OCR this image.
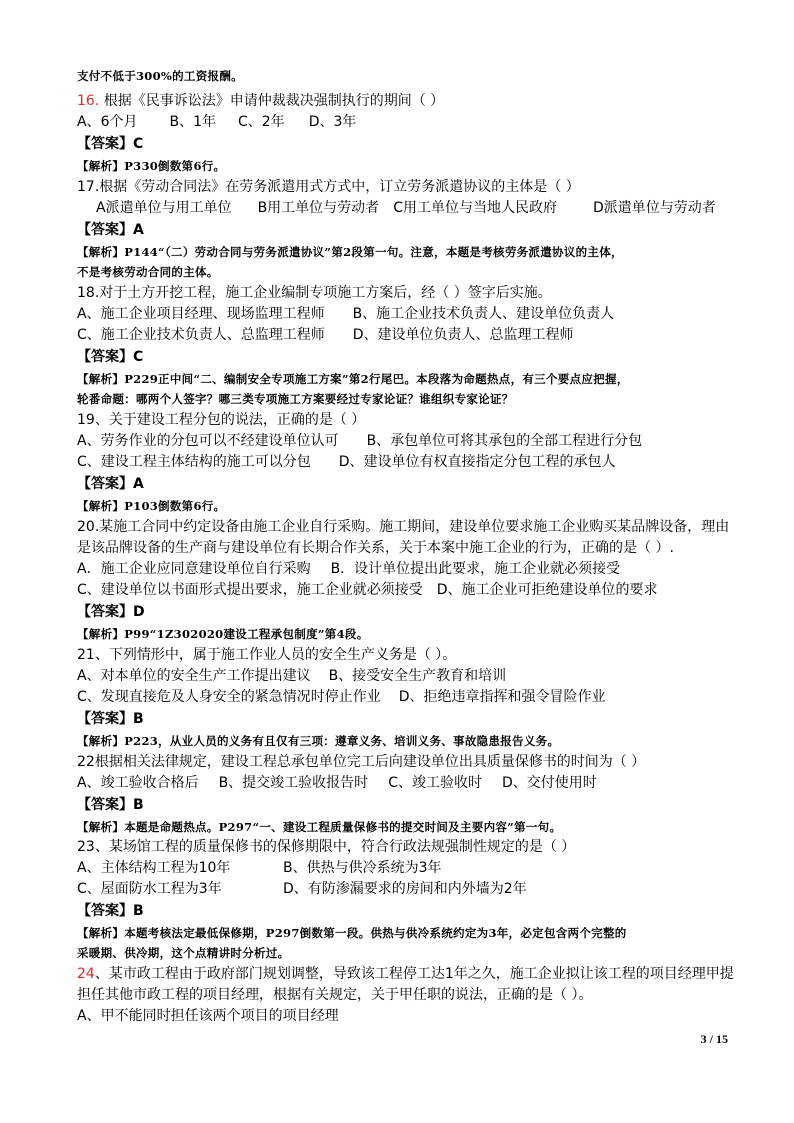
支付不低于300%的工资报酬。
16. 根据《民事诉讼法》申请仲裁裁决强制执行的期间（ ）
A、6个月 B、1年 C、2年 D、3年
【答案】C
【解析】P330倒数第6行。
17.根据《劳动合同法》在劳务派遣用式方式中，订立劳务派遣协议的主体是（ ）
A派遣单位与用工单位 B用工单位与劳动者 C用工单位与当地人民政府	D派遣单位与劳动者
【答案】A
【解析】P144“（二）劳动合同与劳务派遣协议”第2段第一句。注意，本题是考核劳务派遣协议的主体，
不是考核劳动合同的主体。
18.对于土方开挖工程，施工企业编制专项施工方案后，经（ ）签字后实施。
A、施工企业项目经理、现场监理工程师 B、施工企业技术负责人、建设单位负责人
C、施工企业技术负责人、总监理工程师 D、建设单位负责人、总监理工程师
【答案】C
【解析】P229正中间“二、编制安全专项施工方案”第2行尾巴。本段落为命题热点，有三个要点应把握，
轮番命题：哪两个人签字？哪三类专项施工方案要经过专家论证？谁组织专家论证？
19、关于建设工程分包的说法，正确的是（ ）
A、劳务作业的分包可以不经建设单位认可 B、承包单位可将其承包的全部工程进行分包
C、建设工程主体结构的施工可以分包 D、建设单位有权直接指定分包工程的承包人
【答案】A
【解析】P103倒数第6行。
20.某施工合同中约定设备由施工企业自行采购。施工期间，建设单位要求施工企业购买某品牌设备，理由
是该品牌设备的生产商与建设单位有长期合作关系，关于本案中施工企业的行为，正确的是（ ）.
A．施工企业应同意建设单位自行采购 B．设计单位提出此要求，施工企业就必须接受
C、建设单位以书面形式提出要求，施工企业就必须接受 D、施工企业可拒绝建设单位的要求
【答案】D
【解析】P99“1Z302020建设工程承包制度”第4段。
21、下列情形中，属于施工作业人员的安全生产义务是（ ）。
A、对本单位的安全生产工作提出建议 B、接受安全生产教育和培训
C、发现直接危及人身安全的紧急情况时停止作业 D、拒绝违章指挥和强令冒险作业
【答案】B
【解析】P223，从业人员的义务有且仅有三项：遵章义务、培训义务、事故隐患报告义务。
22根据相关法律规定，建设工程总承包单位完工后向建设单位出具质量保修书的时间为（ ）
A、竣工验收合格后 B、提交竣工验收报告时 C、竣工验收时 D、交付使用时
【答案】B
【解析】本题是命题热点。P297“一、建设工程质量保修书的提交时间及主要内容”第一句。
23、某场馆工程的质量保修书的保修期限中，符合行政法规强制性规定的是（ ）
A、主体结构工程为10年	B、供热与供冷系统为3年
C、屋面防水工程为3年	D、有防渗漏要求的房间和内外墙为2年
【答案】B
【解析】本题考核法定最低保修期，P297倒数第一段。供热与供冷系统约定为3年，必定包含两个完整的
采暖期、供冷期，这个点精讲时分析过。
24、某市政工程由于政府部门规划调整，导致该工程停工达1年之久，施工企业拟让该工程的项目经理甲提
担任其他市政工程的项目经理，根据有关规定，关于甲任职的说法，正确的是（ ）。
A、甲不能同时担任该两个项目的项目经理
3 / 15
